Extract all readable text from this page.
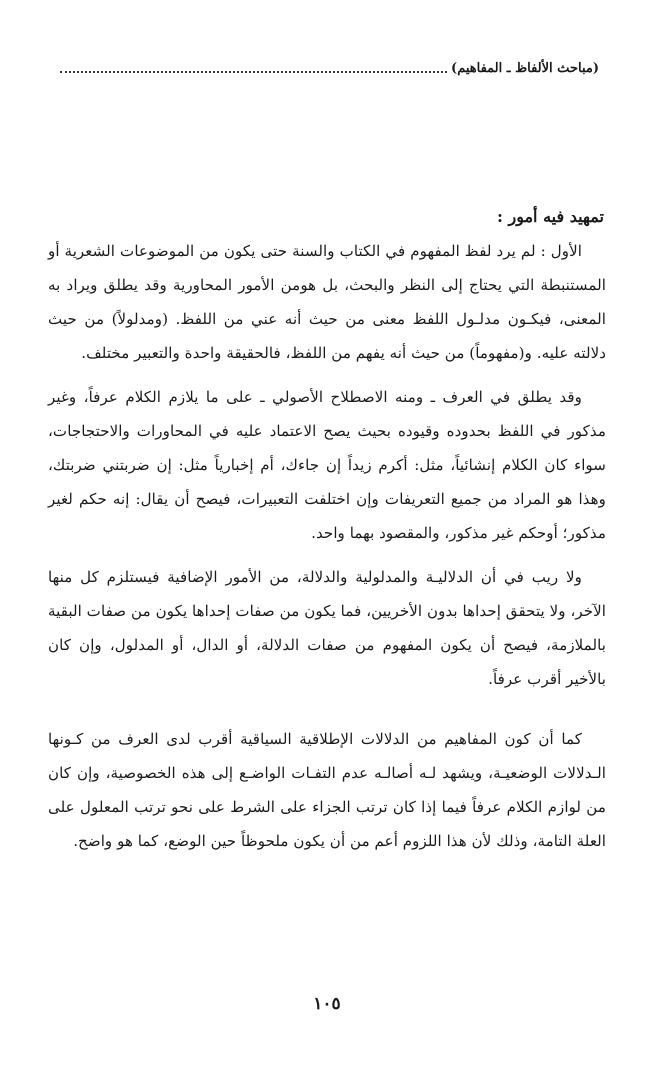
(مباحث الألفاظ ـ المفاهيم)
تمهيد فيه أمور :

الأول : لم يرد لفظ المفهوم في الكتاب والسنة حتى يكون من الموضوعات الشعرية أو المستنبطة التي يحتاج إلى النظر والبحث، بل هومن الأمور المحاورية وقد يطلق ويراد به المعنى، فيكـون مدلـول اللفظ معنى من حيث أنه عني من اللفظ. (ومدلولاً) من حيث دلالته عليه. و(مفهوماً) من حيث أنه يفهم من اللفظ، فالحقيقة واحدة والتعبير مختلف.

وقد يطلق في العرف ـ ومنه الاصطلاح الأصولي ـ على ما يلازم الكلام عرفاً، وغير مذكور في اللفظ بحدوده وقيوده بحيث يصح الاعتماد عليه في المحاورات والاحتجاجات، سواء كان الكلام إنشائياً، مثل: أكرم زيداً إن جاءك، أم إخبارياً مثل: إن ضربتني ضربتك، وهذا هو المراد من جميع التعريفات وإن اختلفت التعبيرات، فيصح أن يقال: إنه حكم لغير مذكور؛ أوحكم غير مذكور، والمقصود بهما واحد.

ولا ريب في أن الدلاليـة والمدلولية والدلالة، من الأمور الإضافية فيستلزم كل منها الآخر، ولا يتحقق إحداها بدون الأخريين، فما يكون من صفات إحداها يكون من صفات البقية بالملازمة، فيصح أن يكون المفهوم من صفات الدلالة، أو الدال، أو المدلول، وإن كان بالأخير أقرب عرفاً.

كما أن كون المفاهيم من الدلالات الإطلاقية السياقية أقرب لدى العرف من كـونها الـدلالات الوضعيـة، ويشهد لـه أصالـه عدم التفـات الواضـع إلى هذه الخصوصية، وإن كان من لوازم الكلام عرفاً فيما إذا كان ترتب الجزاء على الشرط على نحو ترتب المعلول على العلة التامة، وذلك لأن هذا اللزوم أعم من أن يكون ملحوظاً حين الوضع، كما هو واضح.

١٠٥
